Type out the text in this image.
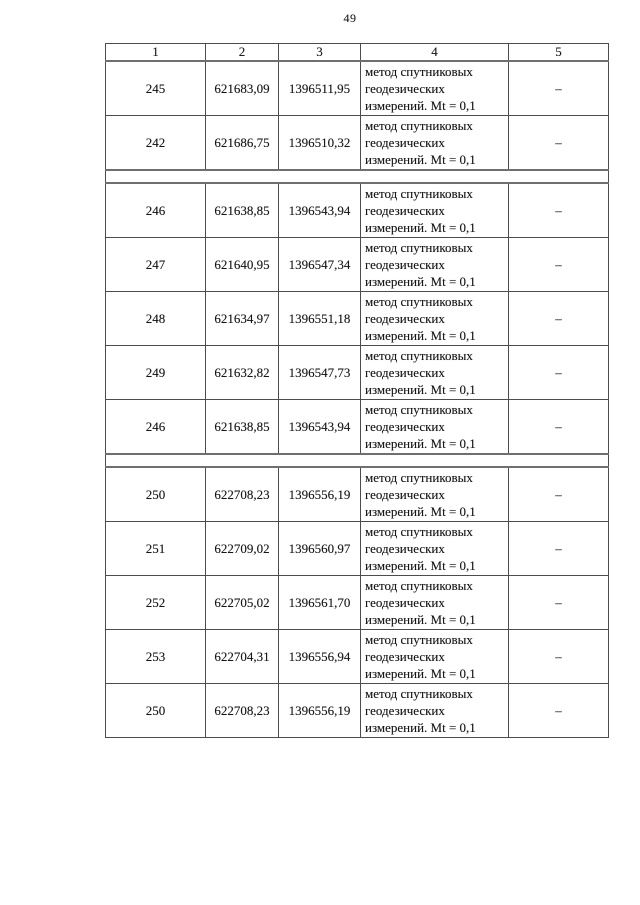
49
1	2	3	4	5
245	621683,09	1396511,95	метод спутниковых геодезических измерений. Mt = 0,1	–
242	621686,75	1396510,32	метод спутниковых геодезических измерений. Mt = 0,1	–

246	621638,85	1396543,94	метод спутниковых геодезических измерений. Mt = 0,1	–
247	621640,95	1396547,34	метод спутниковых геодезических измерений. Mt = 0,1	–
248	621634,97	1396551,18	метод спутниковых геодезических измерений. Mt = 0,1	–
249	621632,82	1396547,73	метод спутниковых геодезических измерений. Mt = 0,1	–
246	621638,85	1396543,94	метод спутниковых геодезических измерений. Mt = 0,1	–

250	622708,23	1396556,19	метод спутниковых геодезических измерений. Mt = 0,1	–
251	622709,02	1396560,97	метод спутниковых геодезических измерений. Mt = 0,1	–
252	622705,02	1396561,70	метод спутниковых геодезических измерений. Mt = 0,1	–
253	622704,31	1396556,94	метод спутниковых геодезических измерений. Mt = 0,1	–
250	622708,23	1396556,19	метод спутниковых геодезических измерений. Mt = 0,1	–
